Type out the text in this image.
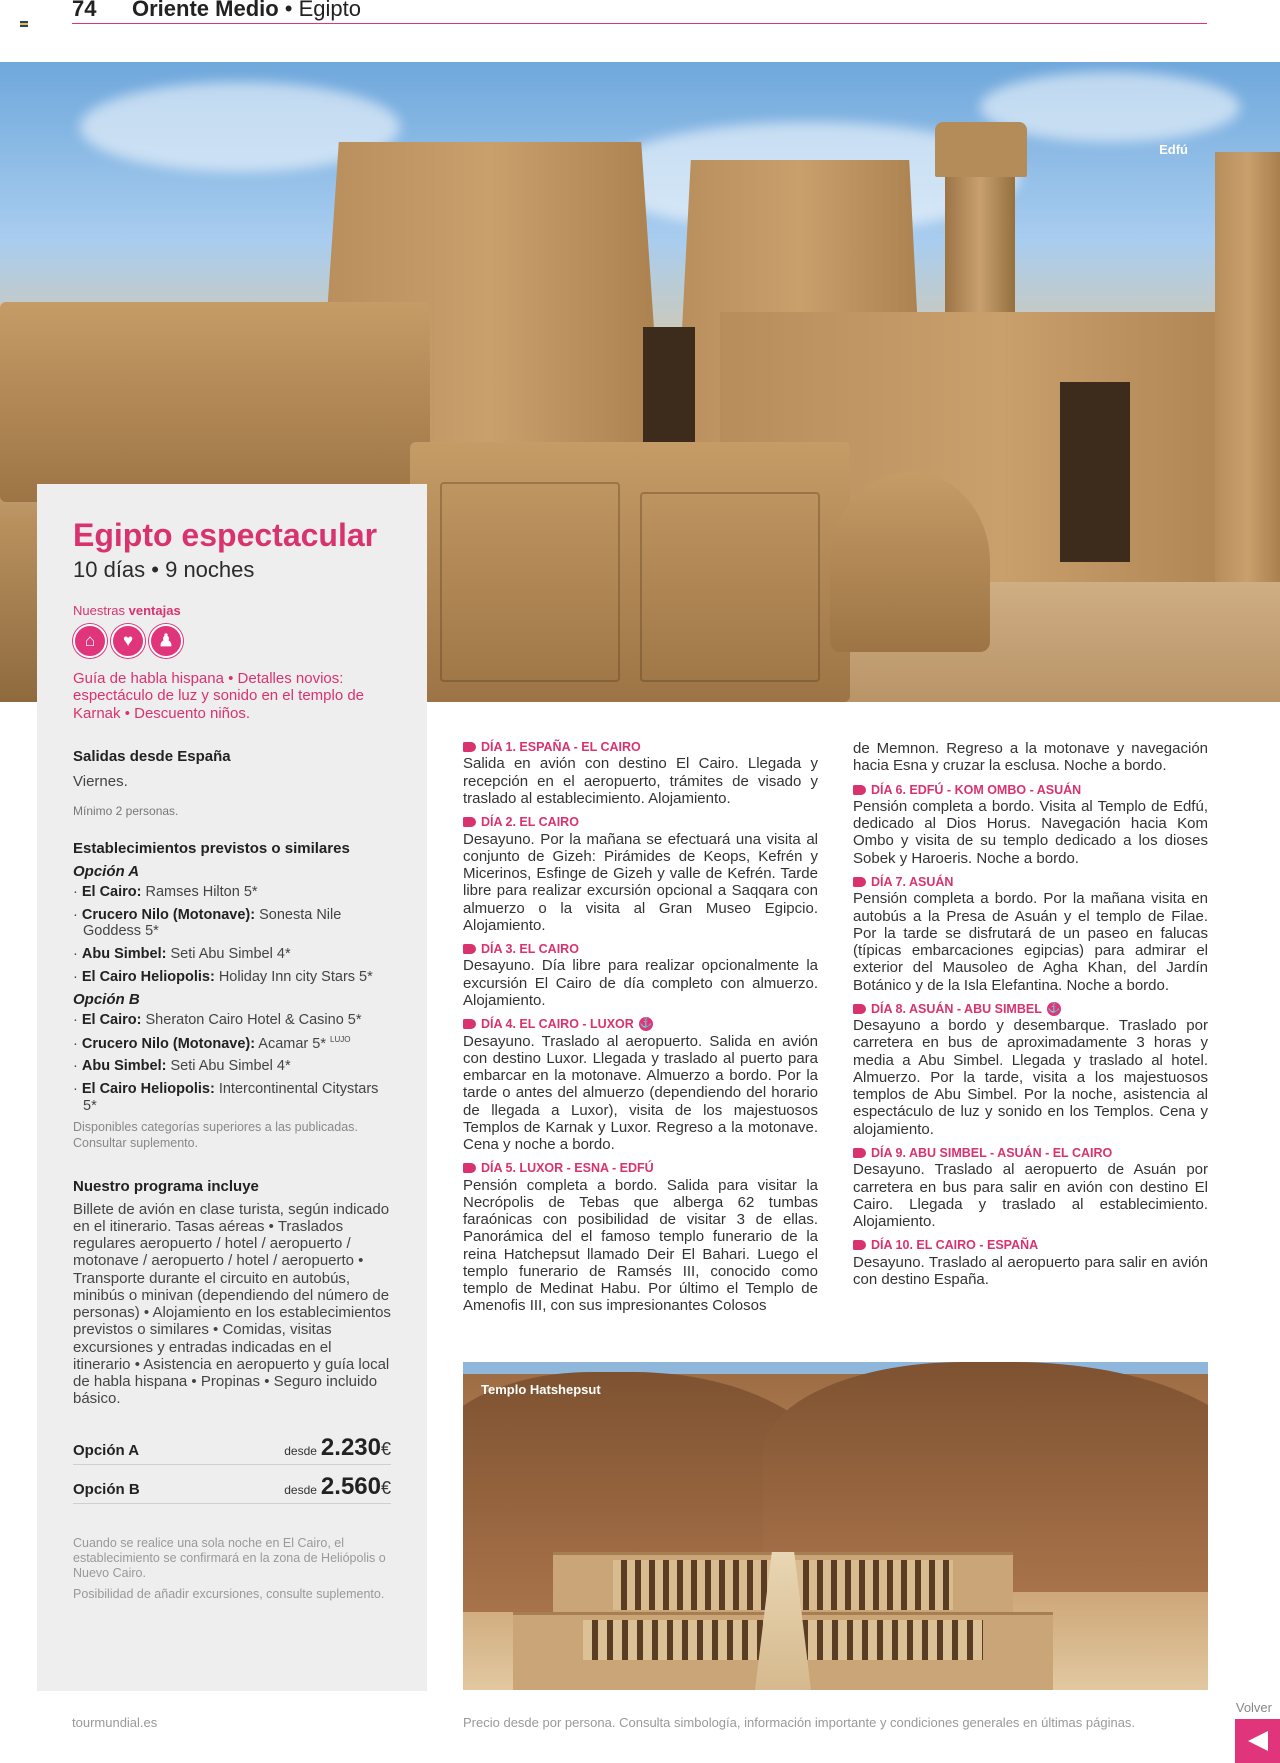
74 Oriente Medio • Egipto
Edfú
Egipto espectacular
10 días • 9 noches
Nuestras ventajas
⌂	♥	♟
Guía de habla hispana • Detalles novios: espectáculo de luz y sonido en el templo de Karnak • Descuento niños.
Salidas desde España
Viernes.
Mínimo 2 personas.
Establecimientos previstos o similares
Opción A
· El Cairo: Ramses Hilton 5*
· Crucero Nilo (Motonave): Sonesta Nile Goddess 5*
· Abu Simbel: Seti Abu Simbel 4*
· El Cairo Heliopolis: Holiday Inn city Stars 5*
Opción B
· El Cairo: Sheraton Cairo Hotel & Casino 5*
· Crucero Nilo (Motonave): Acamar 5* $^{LUJO}$
· Abu Simbel: Seti Abu Simbel 4*
· El Cairo Heliopolis: Intercontinental Citystars 5*
Disponibles categorías superiores a las publicadas. Consultar suplemento.
Nuestro programa incluye
Billete de avión en clase turista, según indicado en el itinerario. Tasas aéreas • Traslados regulares aeropuerto / hotel / aeropuerto / motonave / aeropuerto / hotel / aeropuerto • Transporte durante el circuito en autobús, minibús o minivan (dependiendo del número de personas) • Alojamiento en los establecimientos previstos o similares • Comidas, visitas excursiones y entradas indicadas en el itinerario • Asistencia en aeropuerto y guía local de habla hispana • Propinas • Seguro incluido básico.
Opción A	desde 2.230€
Opción B	desde 2.560€
Cuando se realice una sola noche en El Cairo, el establecimiento se confirmará en la zona de Heliópolis o Nuevo Cairo.
Posibilidad de añadir excursiones, consulte suplemento.
DÍA 1. ESPAÑA - EL CAIRO
Salida en avión con destino El Cairo. Llegada y recepción en el aeropuerto, trámites de visado y traslado al establecimiento. Alojamiento.
DÍA 2. EL CAIRO
Desayuno. Por la mañana se efectuará una visita al conjunto de Gizeh: Pirámides de Keops, Kefrén y Micerinos, Esfinge de Gizeh y valle de Kefrén. Tarde libre para realizar excursión opcional a Saqqara con almuerzo o la visita al Gran Museo Egipcio. Alojamiento.
DÍA 3. EL CAIRO
Desayuno. Día libre para realizar opcionalmente la excursión El Cairo de día completo con almuerzo. Alojamiento.
DÍA 4. EL CAIRO - LUXOR ⚓
Desayuno. Traslado al aeropuerto. Salida en avión con destino Luxor. Llegada y traslado al puerto para embarcar en la motonave. Almuerzo a bordo. Por la tarde o antes del almuerzo (dependiendo del horario de llegada a Luxor), visita de los majestuosos Templos de Karnak y Luxor. Regreso a la motonave. Cena y noche a bordo.
DÍA 5. LUXOR - ESNA - EDFÚ
Pensión completa a bordo. Salida para visitar la Necrópolis de Tebas que alberga 62 tumbas faraónicas con posibilidad de visitar 3 de ellas. Panorámica del el famoso templo funerario de la reina Hatchepsut llamado Deir El Bahari. Luego el templo funerario de Ramsés III, conocido como templo de Medinat Habu. Por último el Templo de Amenofis III, con sus impresionantes Colosos
de Memnon. Regreso a la motonave y navegación hacia Esna y cruzar la esclusa. Noche a bordo.
DÍA 6. EDFÚ - KOM OMBO - ASUÁN
Pensión completa a bordo. Visita al Templo de Edfú, dedicado al Dios Horus. Navegación hacia Kom Ombo y visita de su templo dedicado a los dioses Sobek y Haroeris. Noche a bordo.
DÍA 7. ASUÁN
Pensión completa a bordo. Por la mañana visita en autobús a la Presa de Asuán y el templo de Filae. Por la tarde se disfrutará de un paseo en falucas (típicas embarcaciones egipcias) para admirar el exterior del Mausoleo de Agha Khan, del Jardín Botánico y de la Isla Elefantina. Noche a bordo.
DÍA 8. ASUÁN - ABU SIMBEL ⚓
Desayuno a bordo y desembarque. Traslado por carretera en bus de aproximadamente 3 horas y media a Abu Simbel. Llegada y traslado al hotel. Almuerzo. Por la tarde, visita a los majestuosos templos de Abu Simbel. Por la noche, asistencia al espectáculo de luz y sonido en los Templos. Cena y alojamiento.
DÍA 9. ABU SIMBEL - ASUÁN - EL CAIRO
Desayuno. Traslado al aeropuerto de Asuán por carretera en bus para salir en avión con destino El Cairo. Llegada y traslado al establecimiento. Alojamiento.
DÍA 10. EL CAIRO - ESPAÑA
Desayuno. Traslado al aeropuerto para salir en avión con destino España.
Templo Hatshepsut
tourmundial.es	Precio desde por persona. Consulta simbología, información importante y condiciones generales en últimas páginas.
Volver
